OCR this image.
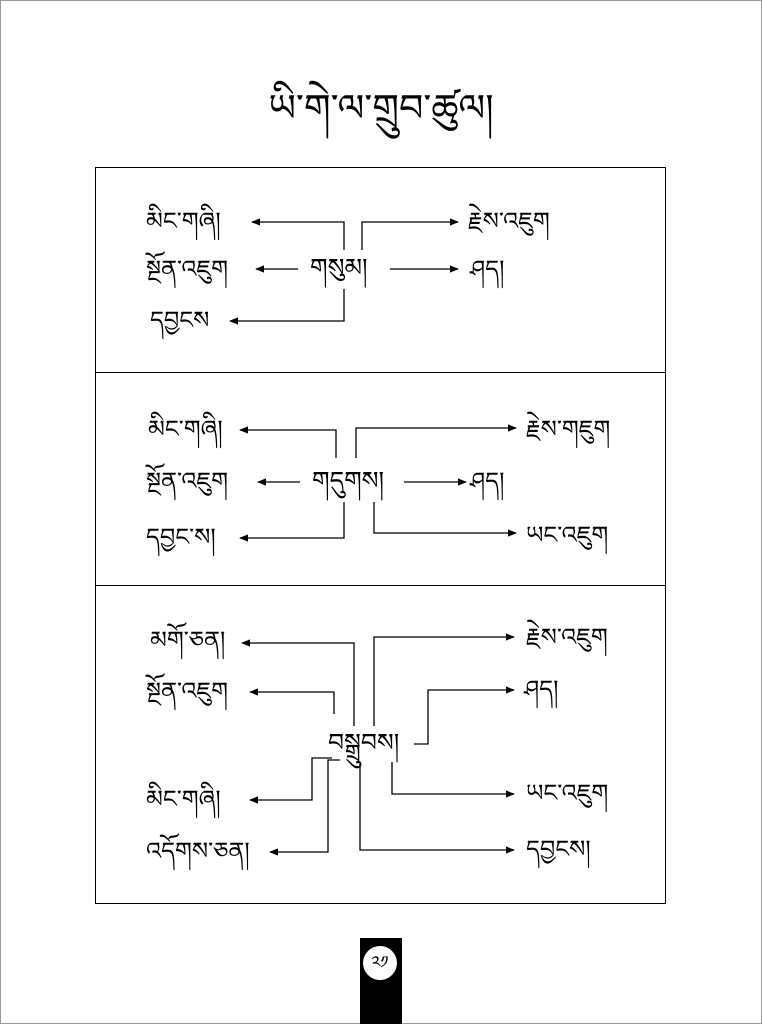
ཡི་གེ་ལ་གྲུབ་ཚུལ།
མིང་གཞི།
སྔོན་འཇུག
དབྱངས
གསུམ།
རྗེས་འཇུག
ཤད།
མིང་གཞི།
སྔོན་འཇུག
དབྱང་ས།
གདུགས།
རྗེས་གཇུག
ཤད།
ཡང་འཇུག
མགོ་ཅན།
སྔོན་འཇུག
མིང་གཞི།
འདོགས་ཅན།
བསྒྲུབས།
རྗེས་འཇུག
ཤད།
ཡང་འཇུག
དབྱངས།
༢༡
